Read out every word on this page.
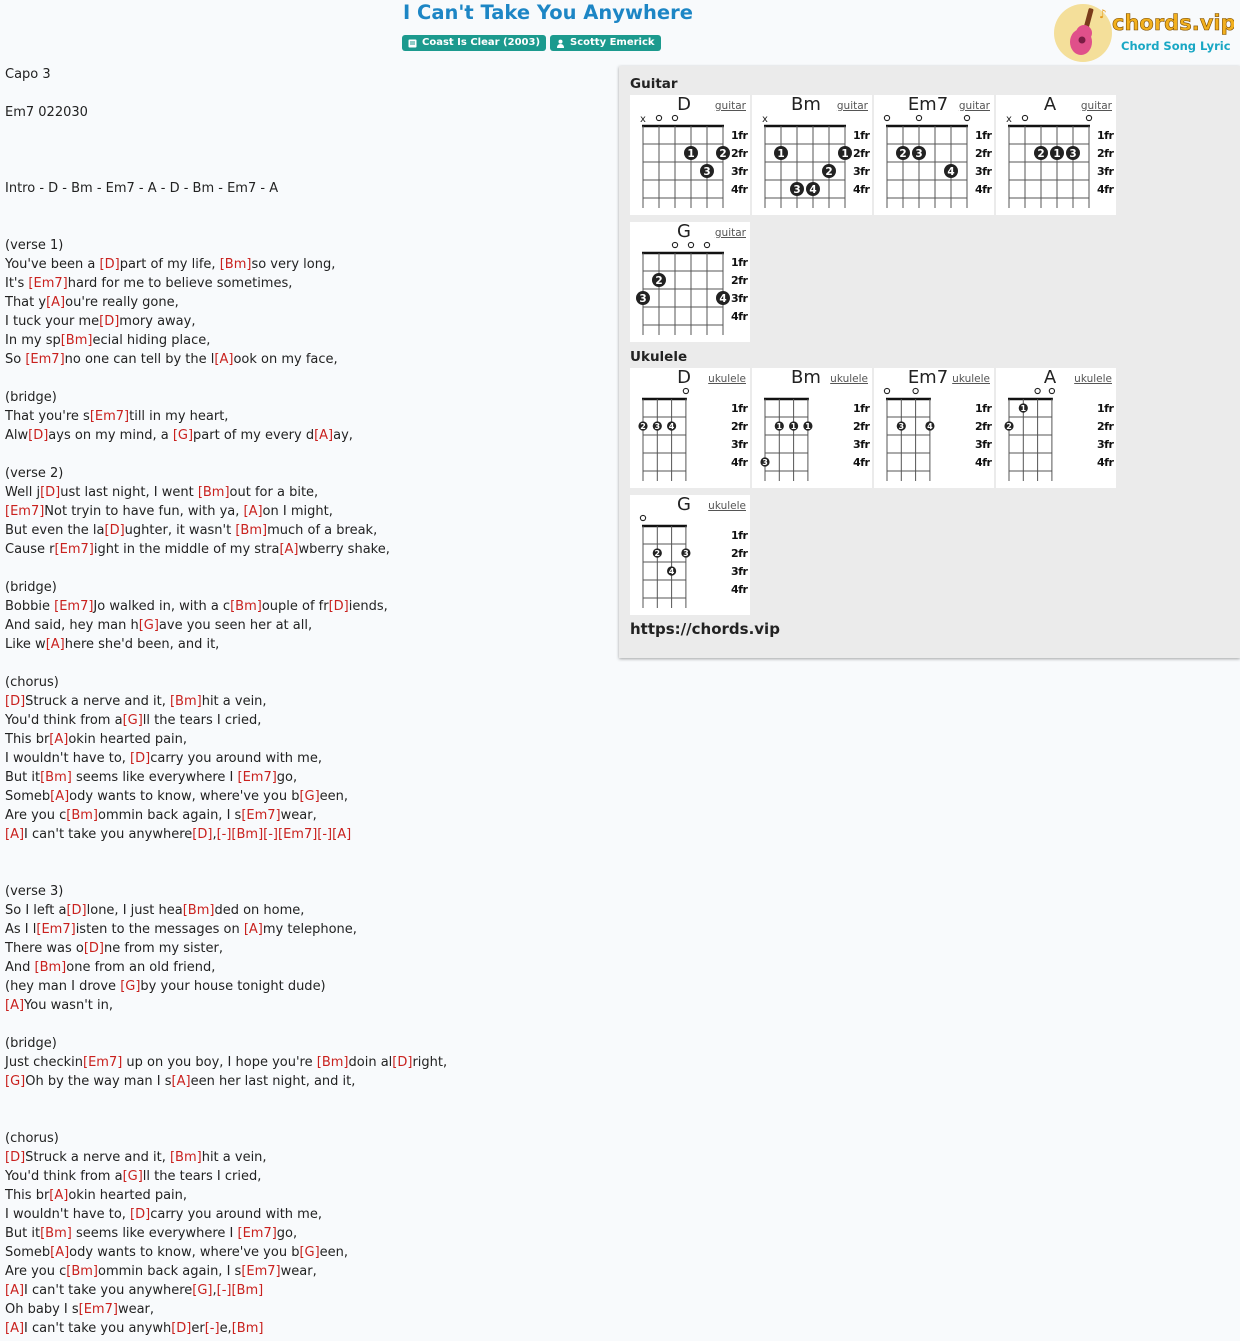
I Can't Take You Anywhere
Coast Is Clear (2003)	Scotty Emerick
♪ chords.vip
Chord Song Lyric
Capo 3
Em7 022030
Intro - D - Bm - Em7 - A - D - Bm - Em7 - A
(verse 1)
You've been a [D]part of my life, [Bm]so very long,
It's [Em7]hard for me to believe sometimes,
That y[A]ou're really gone,
I tuck your me[D]mory away,
In my sp[Bm]ecial hiding place,
So [Em7]no one can tell by the l[A]ook on my face,
(bridge)
That you're s[Em7]till in my heart,
Alw[D]ays on my mind, a [G]part of my every d[A]ay,
(verse 2)
Well j[D]ust last night, I went [Bm]out for a bite,
[Em7]Not tryin to have fun, with ya, [A]on I might,
But even the la[D]ughter, it wasn't [Bm]much of a break,
Cause r[Em7]ight in the middle of my stra[A]wberry shake,
(bridge)
Bobbie [Em7]Jo walked in, with a c[Bm]ouple of fr[D]iends,
And said, hey man h[G]ave you seen her at all,
Like w[A]here she'd been, and it,
(chorus)
[D]Struck a nerve and it, [Bm]hit a vein,
You'd think from a[G]ll the tears I cried,
This br[A]okin hearted pain,
I wouldn't have to, [D]carry you around with me,
But it[Bm] seems like everywhere I [Em7]go,
Someb[A]ody wants to know, where've you b[G]een,
Are you c[Bm]ommin back again, I s[Em7]wear,
[A]I can't take you anywhere[D],[-][Bm][-][Em7][-][A]
(verse 3)
So I left a[D]lone, I just hea[Bm]ded on home,
As I l[Em7]isten to the messages on [A]my telephone,
There was o[D]ne from my sister,
And [Bm]one from an old friend,
(hey man I drove [G]by your house tonight dude)
[A]You wasn't in,
(bridge)
Just checkin[Em7] up on you boy, I hope you're [Bm]doin al[D]right,
[G]Oh by the way man I s[A]een her last night, and it,
(chorus)
[D]Struck a nerve and it, [Bm]hit a vein,
You'd think from a[G]ll the tears I cried,
This br[A]okin hearted pain,
I wouldn't have to, [D]carry you around with me,
But it[Bm] seems like everywhere I [Em7]go,
Someb[A]ody wants to know, where've you b[G]een,
Are you c[Bm]ommin back again, I s[Em7]wear,
[A]I can't take you anywhere[G],[-][Bm]
Oh baby I s[Em7]wear,
[A]I can't take you anywh[D]er[-]e,[Bm]
Guitar
D	guitar
1fr
2fr
3fr
4fr
x
1 2
3
Bm	guitar
1fr
2fr
3fr
4fr
x
1	1
2
3 4
Em7	guitar
1fr
2fr
3fr
4fr
2 3
4
A	guitar
1fr
2fr
3fr
4fr
x
2 1 3
G	guitar
1fr
2fr
3fr
4fr
2
3	4
Ukulele
D	ukulele
1fr
2fr
3fr
4fr
2 3 4
Bm ukulele
1fr
2fr
3fr
4fr
1 1 1
3
Em7 ukulele
1fr
2fr
3fr
4fr
3	4
A	ukulele
1fr
2fr
3fr
4fr
1
2
G	ukulele
1fr
2fr
3fr
4fr
2	3
4
https://chords.vip
